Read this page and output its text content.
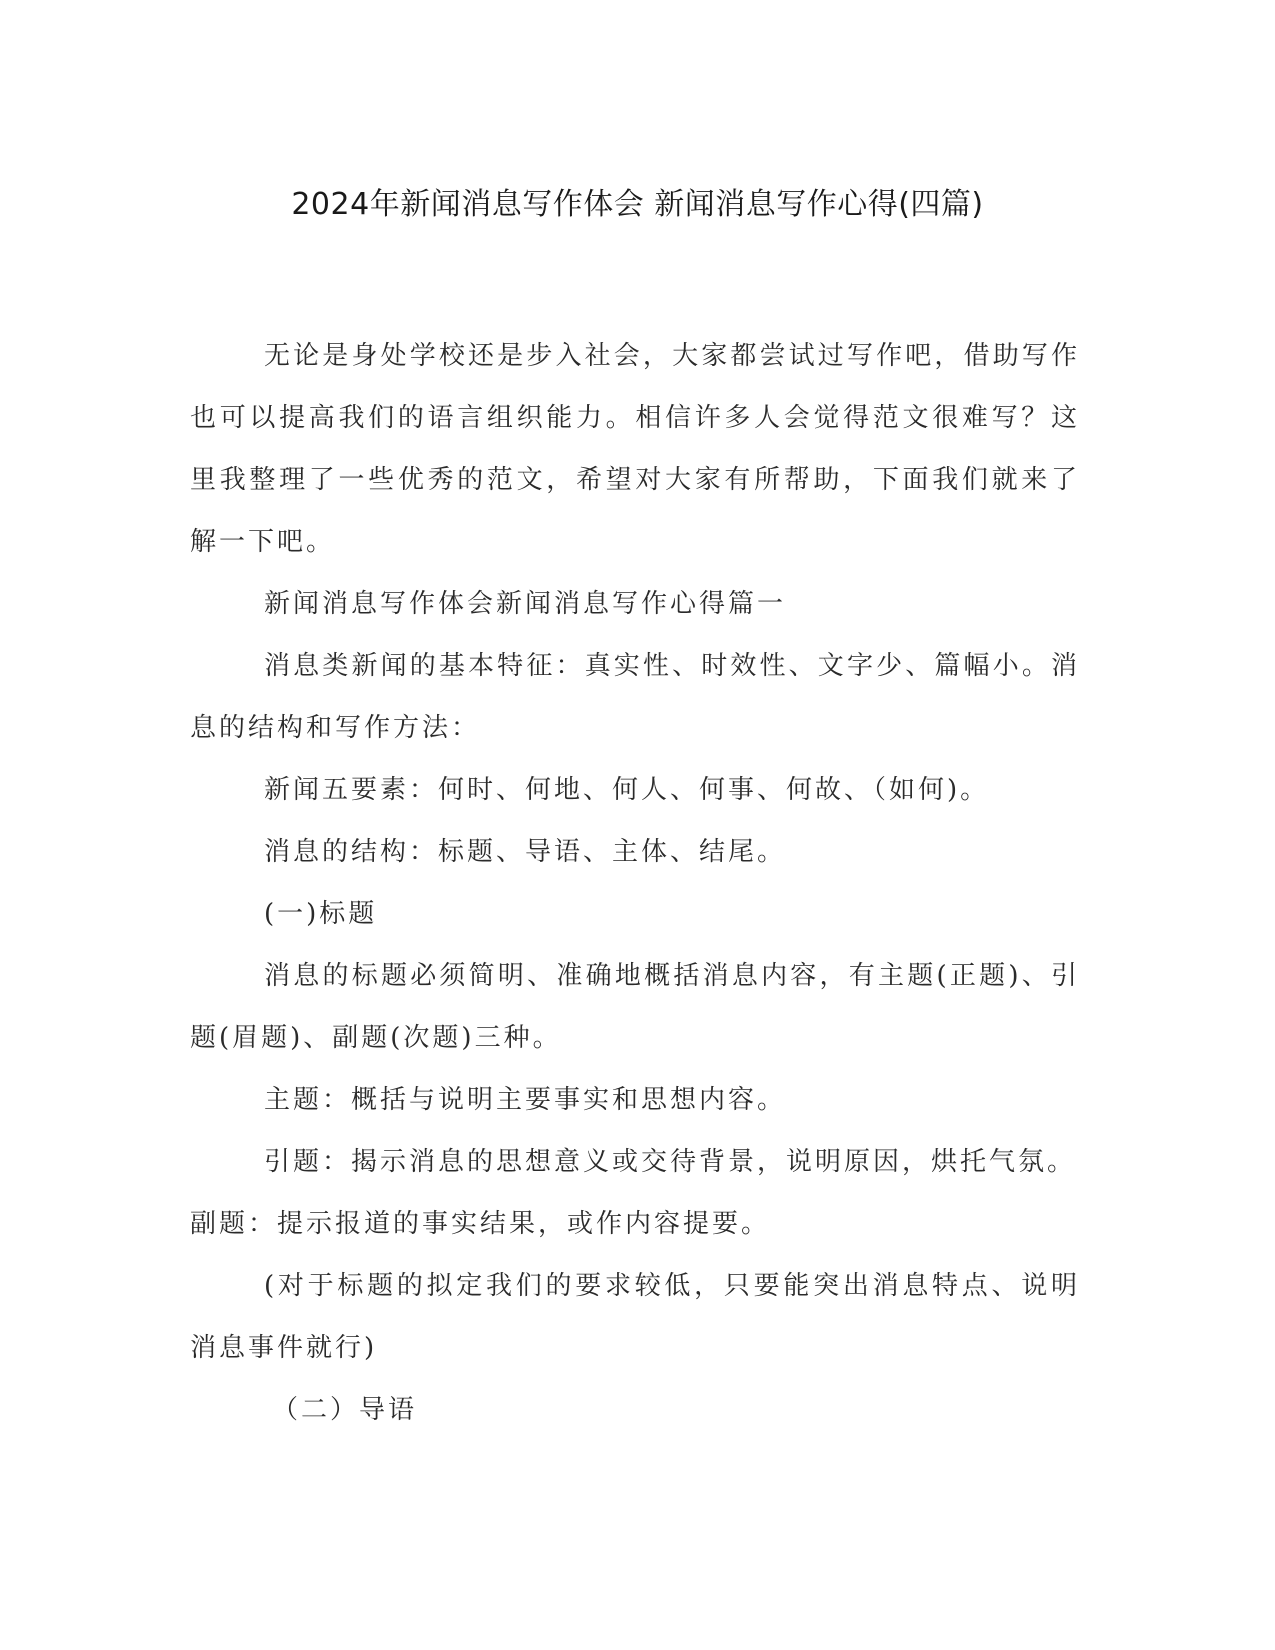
2024年新闻消息写作体会 新闻消息写作心得(四篇)

无论是身处学校还是步入社会，大家都尝试过写作吧，借助写作也可以提高我们的语言组织能力。相信许多人会觉得范文很难写？这里我整理了一些优秀的范文，希望对大家有所帮助，下面我们就来了解一下吧。

新闻消息写作体会新闻消息写作心得篇一

消息类新闻的基本特征：真实性、时效性、文字少、篇幅小。消息的结构和写作方法：

新闻五要素：何时、何地、何人、何事、何故、（如何)。

消息的结构：标题、导语、主体、结尾。

(一)标题

消息的标题必须简明、准确地概括消息内容，有主题(正题)、引题(眉题)、副题(次题)三种。

主题：概括与说明主要事实和思想内容。

引题：揭示消息的思想意义或交待背景，说明原因，烘托气氛。

副题：提示报道的事实结果，或作内容提要。

(对于标题的拟定我们的要求较低，只要能突出消息特点、说明消息事件就行)

（二）导语
